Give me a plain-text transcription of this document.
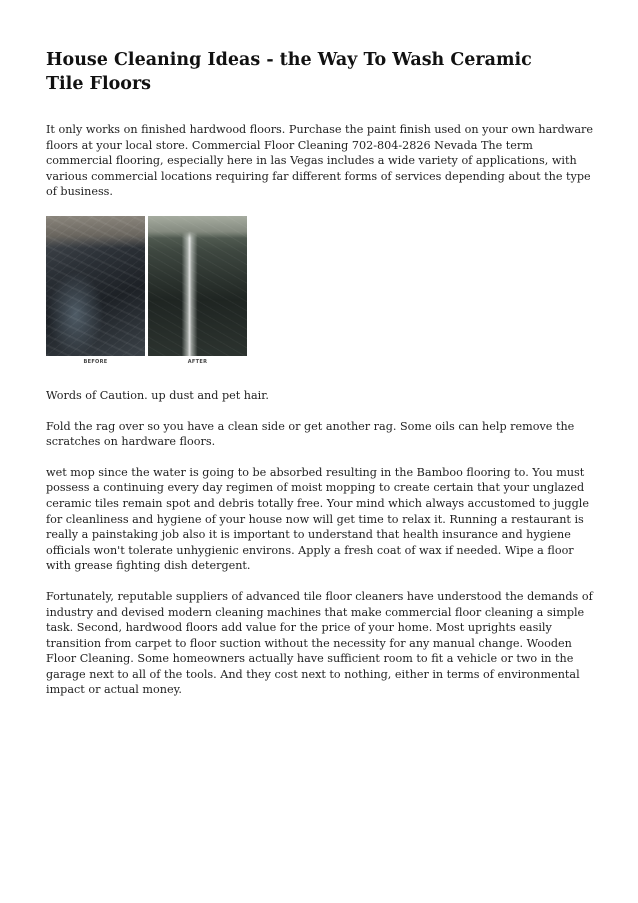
House Cleaning Ideas - the Way To Wash Ceramic Tile Floors

It only works on finished hardwood floors. Purchase the paint finish used on your own hardware floors at your local store. Commercial Floor Cleaning 702-804-2826 Nevada The term commercial flooring, especially here in las Vegas includes a wide variety of applications, with various commercial locations requiring far different forms of services depending about the type of business.

BEFORE	AFTER

Words of Caution. up dust and pet hair.

Fold the rag over so you have a clean side or get another rag. Some oils can help remove the scratches on hardware floors.

wet mop since the water is going to be absorbed resulting in the Bamboo flooring to. You must possess a continuing every day regimen of moist mopping to create certain that your unglazed ceramic tiles remain spot and debris totally free. Your mind which always accustomed to juggle for cleanliness and hygiene of your house now will get time to relax it. Running a restaurant is really a painstaking job also it is important to understand that health insurance and hygiene officials won't tolerate unhygienic environs. Apply a fresh coat of wax if needed. Wipe a floor with grease fighting dish detergent.

Fortunately, reputable suppliers of advanced tile floor cleaners have understood the demands of industry and devised modern cleaning machines that make commercial floor cleaning a simple task. Second, hardwood floors add value for the price of your home. Most uprights easily transition from carpet to floor suction without the necessity for any manual change. Wooden Floor Cleaning. Some homeowners actually have sufficient room to fit a vehicle or two in the garage next to all of the tools. And they cost next to nothing, either in terms of environmental impact or actual money.
